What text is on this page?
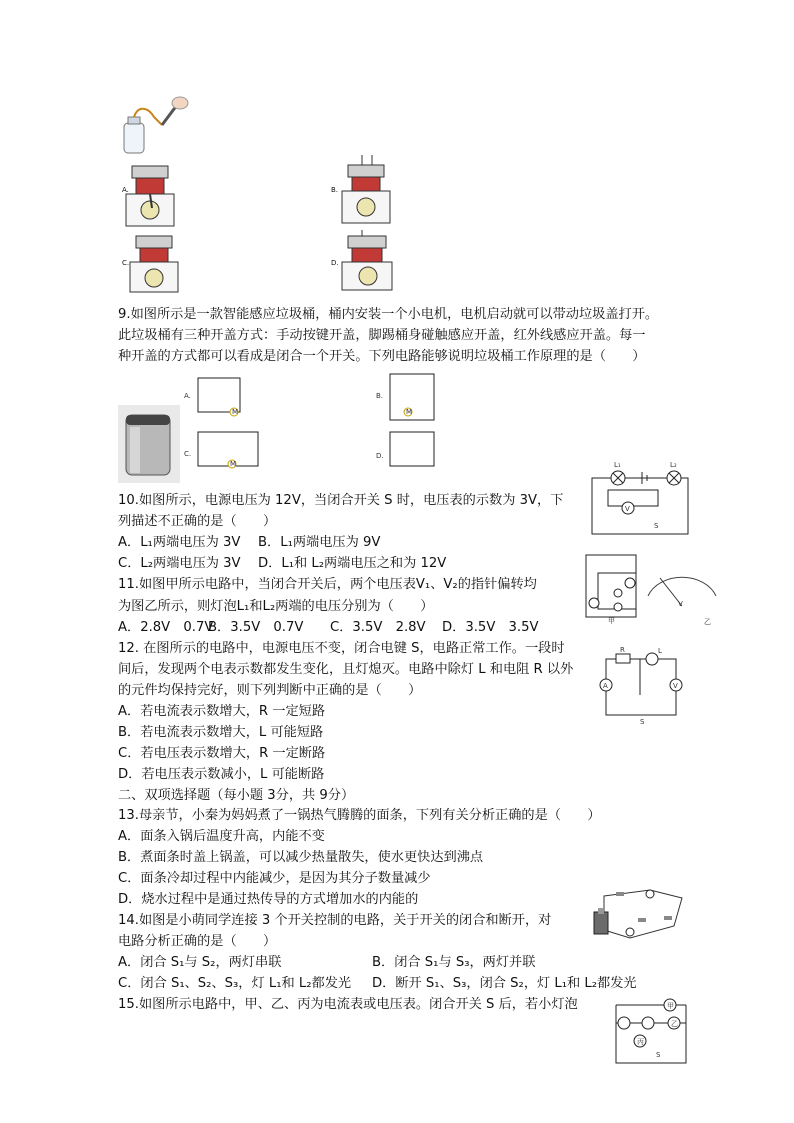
A.	B.
C.	D.
9.如图所示是一款智能感应垃圾桶，桶内安装一个小电机，电机启动就可以带动垃圾盖打开。
此垃圾桶有三种开盖方式：手动按键开盖，脚踢桶身碰触感应开盖，红外线感应开盖。每一
种开盖的方式都可以看成是闭合一个开关。下列电路能够说明垃圾桶工作原理的是（　　）
A.
M
B.
M
C.
M
D.
10.如图所示，电源电压为 12V，当闭合开关 S 时，电压表的示数为 3V，下
列描述不正确的是（　　）
A．L₁两端电压为 3V B．L₁两端电压为 9V
C．L₂两端电压为 3V D．L₁和 L₂两端电压之和为 12V
V
L₁	L₂
S
11.如图甲所示电路中，当闭合开关后，两个电压表V₁、V₂的指针偏转均
为图乙所示，则灯泡L₁和L₂两端的电压分别为（　　）
A．2.8V　0.7V
B．3.5V　0.7V C．3.5V　2.8V D．3.5V　3.5V	甲
V
乙
12. 在图所示的电路中，电源电压不变，闭合电键 S，电路正常工作。一段时
间后，发现两个电表示数都发生变化，且灯熄灭。电路中除灯 L 和电阻 R 以外
的元件均保持完好，则下列判断中正确的是（　　）
A．若电流表示数增大，R 一定短路
B．若电流表示数增大，L 可能短路
C．若电压表示数增大，R 一定断路
D．若电压表示数减小，L 可能断路
R	L
A	V
S
二、双项选择题（每小题 3分，共 9分）
13.母亲节，小秦为妈妈煮了一锅热气腾腾的面条，下列有关分析正确的是（　　）
A．面条入锅后温度升高，内能不变
B．煮面条时盖上锅盖，可以减少热量散失，使水更快达到沸点
C．面条冷却过程中内能减少，是因为其分子数量减少
D．烧水过程中是通过热传导的方式增加水的内能的
14.如图是小萌同学连接 3 个开关控制的电路，关于开关的闭合和断开，对
电路分析正确的是（　　）
A．闭合 S₁与 S₂，两灯串联	B．闭合 S₁与 S₃，两灯并联
C．闭合 S₁、S₂、S₃，灯 L₁和 L₂都发光 D．断开 S₁、S₃，闭合 S₂，灯 L₁和 L₂都发光
15.如图所示电路中，甲、乙、丙为电流表或电压表。闭合开关 S 后，若小灯泡	甲
乙
丙
S
